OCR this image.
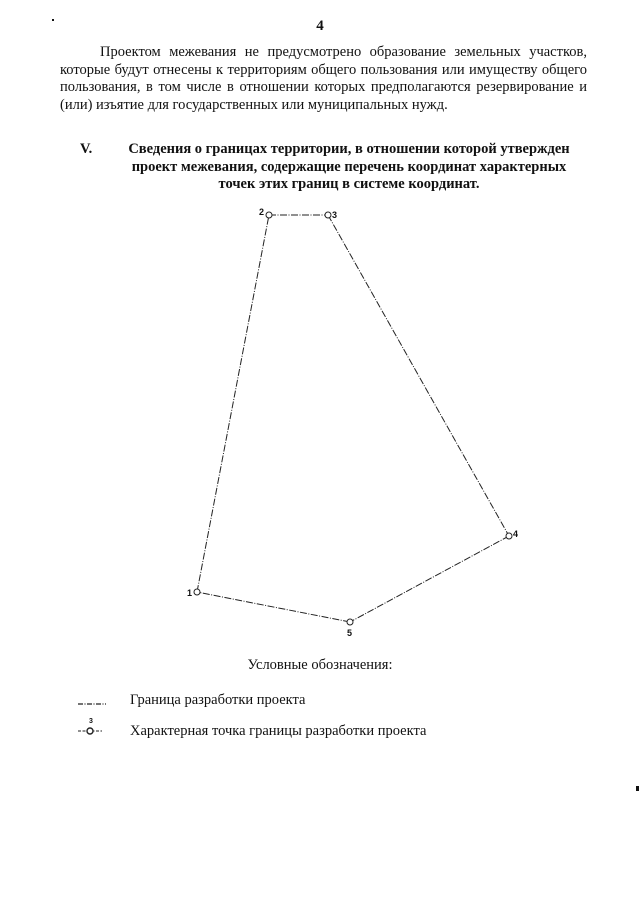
4

Проектом межевания не предусмотрено образование земельных участков, которые будут отнесены к территориям общего пользования или имуществу общего пользования, в том числе в отношении которых предполагаются резервирование и (или) изъятие для государственных или муниципальных нужд.

V.	Сведения о границах территории, в отношении которой утвержден проект межевания, содержащие перечень координат характерных точек этих границ в системе координат.

1
2	3
4
5
Условные обозначения:
Граница разработки проекта
3
Характерная точка границы разработки проекта
